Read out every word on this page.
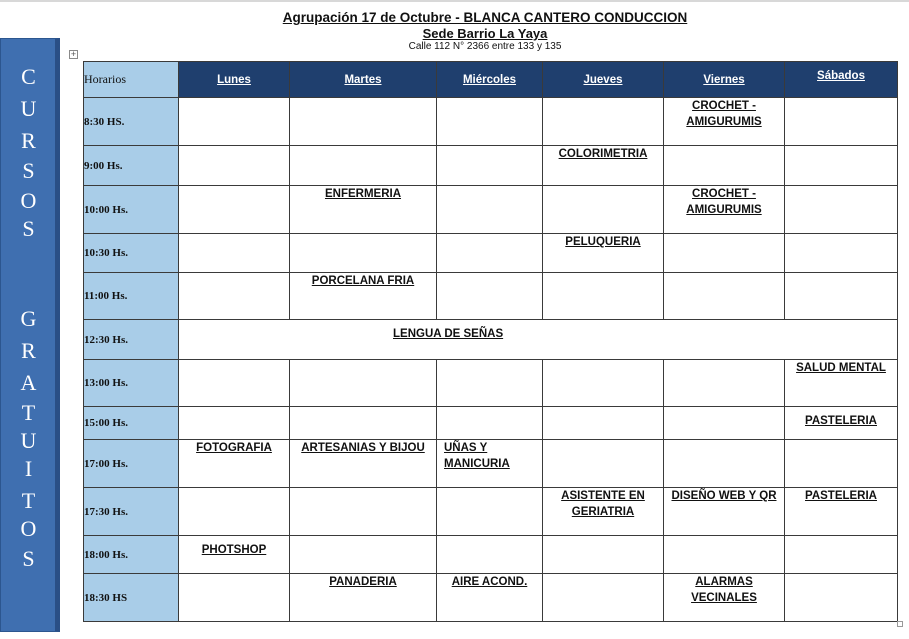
Agrupación 17 de Octubre - BLANCA CANTERO CONDUCCION
Sede Barrio La Yaya
Calle 112 N° 2366 entre 133 y 135
C
U
R
S
O
S
G
R
A
T
U
I
T
O
S
+
Horarios	Lunes	Martes	Miércoles	Jueves	Viernes	Sábados
8:30 HS.					CROCHET - AMIGURUMIS	
9:00 Hs.				COLORIMETRIA		
10:00 Hs.		ENFERMERIA			CROCHET - AMIGURUMIS	
10:30 Hs.				PELUQUERIA		
11:00 Hs.		PORCELANA FRIA				
12:30 Hs.	LENGUA DE SEÑAS					
13:00 Hs.						SALUD MENTAL
15:00 Hs.						PASTELERIA
17:00 Hs.	FOTOGRAFIA	ARTESANIAS Y BIJOU	UÑAS Y MANICURIA			
17:30 Hs.				ASISTENTE EN GERIATRIA	DISEÑO WEB Y QR	PASTELERIA
18:00 Hs.	PHOTSHOP					
18:30 HS		PANADERIA	AIRE ACOND.		ALARMAS VECINALES	
